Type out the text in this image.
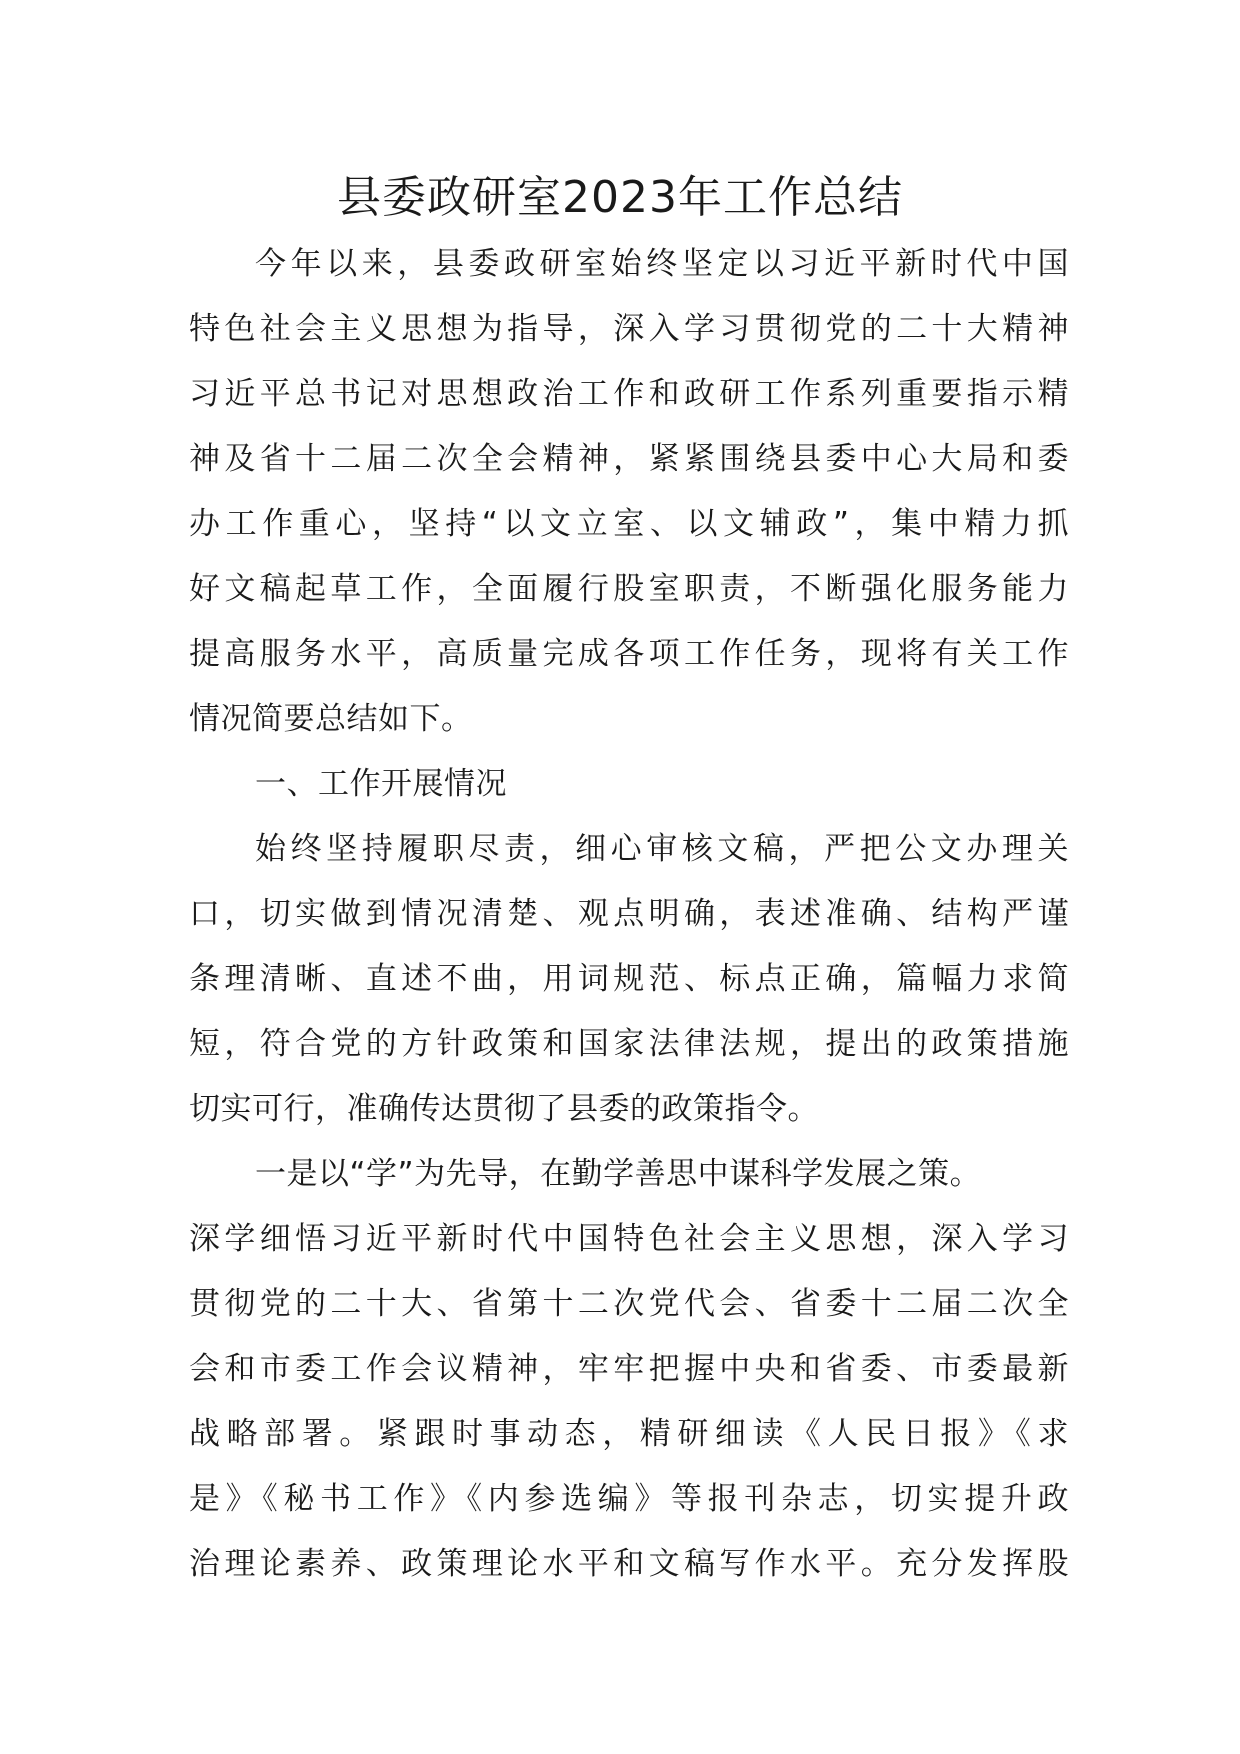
县委政研室2023年工作总结
今年以来，县委政研室始终坚定以习近平新时代中国
特色社会主义思想为指导，深入学习贯彻党的二十大精神
习近平总书记对思想政治工作和政研工作系列重要指示精
神及省十二届二次全会精神，紧紧围绕县委中心大局和委
办工作重心，坚持“以文立室、以文辅政”，集中精力抓
好文稿起草工作，全面履行股室职责，不断强化服务能力
提高服务水平，高质量完成各项工作任务，现将有关工作
情况简要总结如下。
一、工作开展情况
始终坚持履职尽责，细心审核文稿，严把公文办理关
口，切实做到情况清楚、观点明确，表述准确、结构严谨
条理清晰、直述不曲，用词规范、标点正确，篇幅力求简
短，符合党的方针政策和国家法律法规，提出的政策措施
切实可行，准确传达贯彻了县委的政策指令。
一是以“学”为先导，在勤学善思中谋科学发展之策。
深学细悟习近平新时代中国特色社会主义思想，深入学习
贯彻党的二十大、省第十二次党代会、省委十二届二次全
会和市委工作会议精神，牢牢把握中央和省委、市委最新
战略部署。紧跟时事动态，精研细读《人民日报》《求
是》《秘书工作》《内参选编》等报刊杂志，切实提升政
治理论素养、政策理论水平和文稿写作水平。充分发挥股
